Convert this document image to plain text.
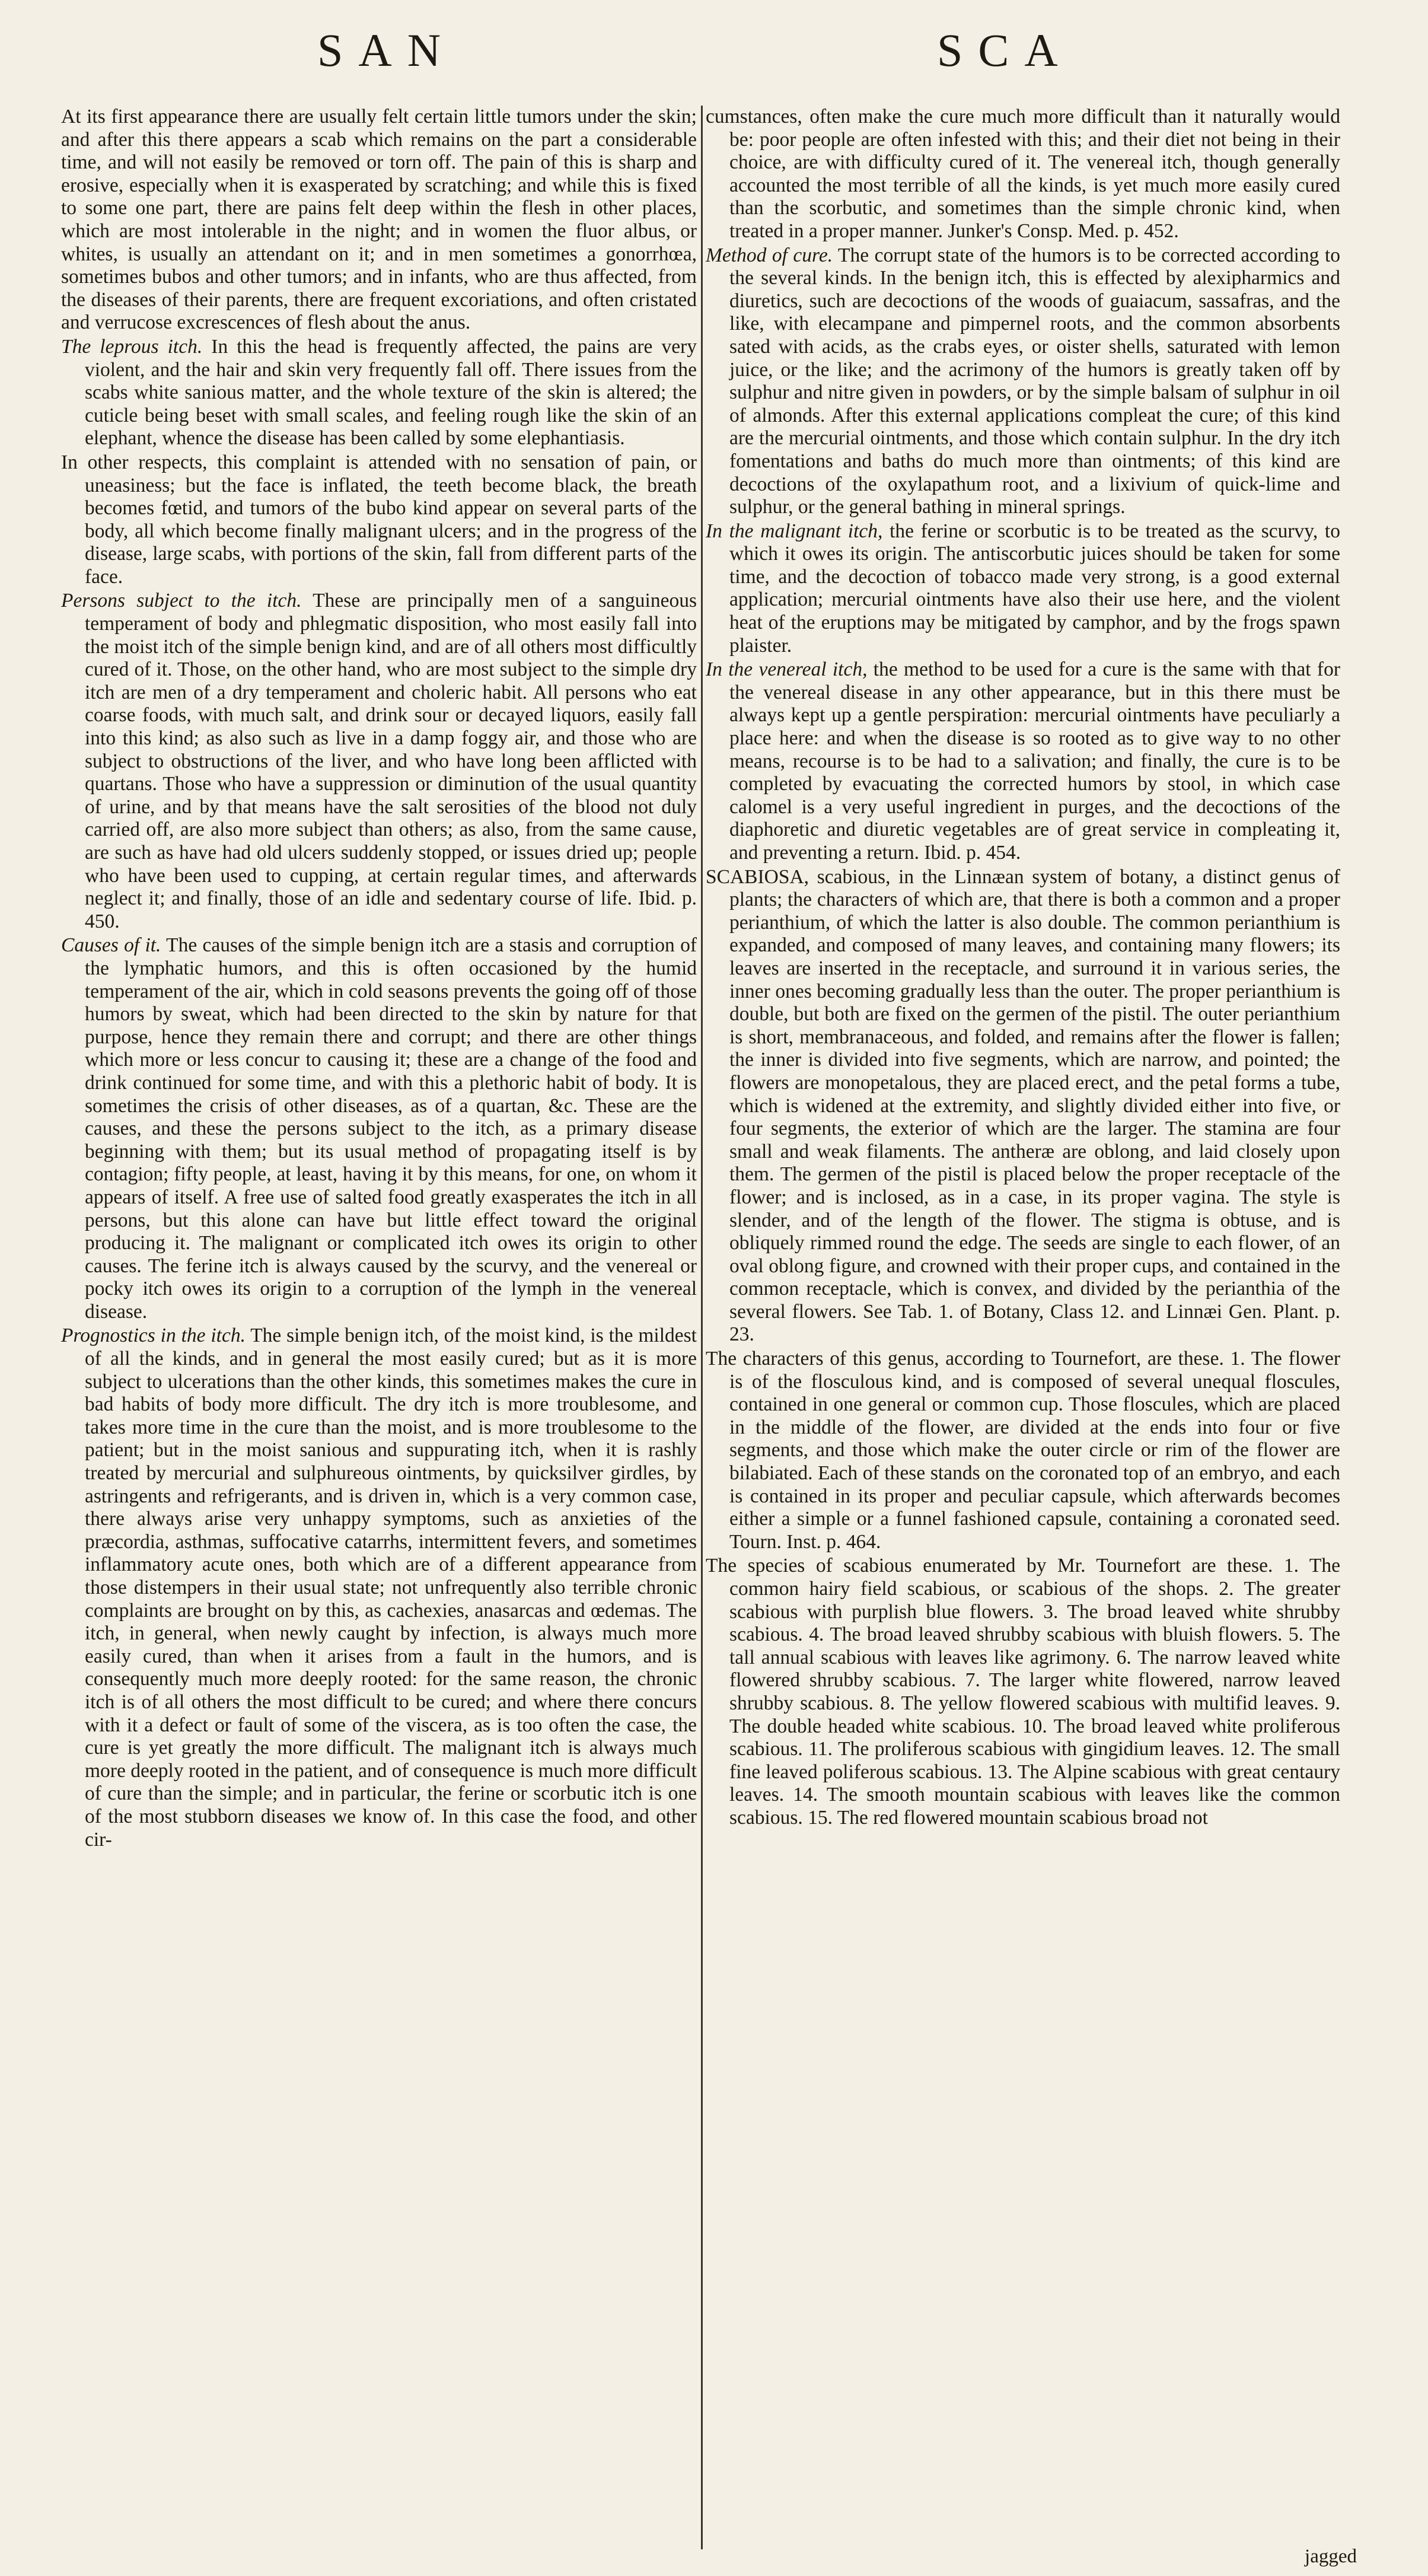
SAN	SCA

At its first appearance there are usually felt certain little tumors under the skin; and after this there appears a scab which remains on the part a considerable time, and will not easily be removed or torn off. The pain of this is sharp and erosive, especially when it is exasperated by scratching; and while this is fixed to some one part, there are pains felt deep within the flesh in other places, which are most intolerable in the night; and in women the fluor albus, or whites, is usually an attendant on it; and in men sometimes a gonorrhœa, sometimes bubos and other tumors; and in infants, who are thus affected, from the diseases of their parents, there are frequent excoriations, and often cristated and verrucose excrescences of flesh about the anus.

The leprous itch. In this the head is frequently affected, the pains are very violent, and the hair and skin very frequently fall off. There issues from the scabs white sanious matter, and the whole texture of the skin is altered; the cuticle being beset with small scales, and feeling rough like the skin of an elephant, whence the disease has been called by some elephantiasis.

In other respects, this complaint is attended with no sensation of pain, or uneasiness; but the face is inflated, the teeth become black, the breath becomes fœtid, and tumors of the bubo kind appear on several parts of the body, all which become finally malignant ulcers; and in the progress of the disease, large scabs, with portions of the skin, fall from different parts of the face.

Persons subject to the itch. These are principally men of a sanguineous temperament of body and phlegmatic disposition, who most easily fall into the moist itch of the simple benign kind, and are of all others most difficultly cured of it. Those, on the other hand, who are most subject to the simple dry itch are men of a dry temperament and choleric habit. All persons who eat coarse foods, with much salt, and drink sour or decayed liquors, easily fall into this kind; as also such as live in a damp foggy air, and those who are subject to obstructions of the liver, and who have long been afflicted with quartans. Those who have a suppression or diminution of the usual quantity of urine, and by that means have the salt serosities of the blood not duly carried off, are also more subject than others; as also, from the same cause, are such as have had old ulcers suddenly stopped, or issues dried up; people who have been used to cupping, at certain regular times, and afterwards neglect it; and finally, those of an idle and sedentary course of life. Ibid. p. 450.

Causes of it. The causes of the simple benign itch are a stasis and corruption of the lymphatic humors, and this is often occasioned by the humid temperament of the air, which in cold seasons prevents the going off of those humors by sweat, which had been directed to the skin by nature for that purpose, hence they remain there and corrupt; and there are other things which more or less concur to causing it; these are a change of the food and drink continued for some time, and with this a plethoric habit of body. It is sometimes the crisis of other diseases, as of a quartan, &c. These are the causes, and these the persons subject to the itch, as a primary disease beginning with them; but its usual method of propagating itself is by contagion; fifty people, at least, having it by this means, for one, on whom it appears of itself. A free use of salted food greatly exasperates the itch in all persons, but this alone can have but little effect toward the original producing it. The malignant or complicated itch owes its origin to other causes. The ferine itch is always caused by the scurvy, and the venereal or pocky itch owes its origin to a corruption of the lymph in the venereal disease.

Prognostics in the itch. The simple benign itch, of the moist kind, is the mildest of all the kinds, and in general the most easily cured; but as it is more subject to ulcerations than the other kinds, this sometimes makes the cure in bad habits of body more difficult. The dry itch is more troublesome, and takes more time in the cure than the moist, and is more troublesome to the patient; but in the moist sanious and suppurating itch, when it is rashly treated by mercurial and sulphureous ointments, by quicksilver girdles, by astringents and refrigerants, and is driven in, which is a very common case, there always arise very unhappy symptoms, such as anxieties of the præcordia, asthmas, suffocative catarrhs, intermittent fevers, and sometimes inflammatory acute ones, both which are of a different appearance from those distempers in their usual state; not unfrequently also terrible chronic complaints are brought on by this, as cachexies, anasarcas and œdemas. The itch, in general, when newly caught by infection, is always much more easily cured, than when it arises from a fault in the humors, and is consequently much more deeply rooted: for the same reason, the chronic itch is of all others the most difficult to be cured; and where there concurs with it a defect or fault of some of the viscera, as is too often the case, the cure is yet greatly the more difficult. The malignant itch is always much more deeply rooted in the patient, and of consequence is much more difficult of cure than the simple; and in particular, the ferine or scorbutic itch is one of the most stubborn diseases we know of. In this case the food, and other cir-

cumstances, often make the cure much more difficult than it naturally would be: poor people are often infested with this; and their diet not being in their choice, are with difficulty cured of it. The venereal itch, though generally accounted the most terrible of all the kinds, is yet much more easily cured than the scorbutic, and sometimes than the simple chronic kind, when treated in a proper manner. Junker's Consp. Med. p. 452.

Method of cure. The corrupt state of the humors is to be corrected according to the several kinds. In the benign itch, this is effected by alexipharmics and diuretics, such are decoctions of the woods of guaiacum, sassafras, and the like, with elecampane and pimpernel roots, and the common absorbents sated with acids, as the crabs eyes, or oister shells, saturated with lemon juice, or the like; and the acrimony of the humors is greatly taken off by sulphur and nitre given in powders, or by the simple balsam of sulphur in oil of almonds. After this external applications compleat the cure; of this kind are the mercurial ointments, and those which contain sulphur. In the dry itch fomentations and baths do much more than ointments; of this kind are decoctions of the oxylapathum root, and a lixivium of quick-lime and sulphur, or the general bathing in mineral springs.

In the malignant itch, the ferine or scorbutic is to be treated as the scurvy, to which it owes its origin. The antiscorbutic juices should be taken for some time, and the decoction of tobacco made very strong, is a good external application; mercurial ointments have also their use here, and the violent heat of the eruptions may be mitigated by camphor, and by the frogs spawn plaister.

In the venereal itch, the method to be used for a cure is the same with that for the venereal disease in any other appearance, but in this there must be always kept up a gentle perspiration: mercurial ointments have peculiarly a place here: and when the disease is so rooted as to give way to no other means, recourse is to be had to a salivation; and finally, the cure is to be completed by evacuating the corrected humors by stool, in which case calomel is a very useful ingredient in purges, and the decoctions of the diaphoretic and diuretic vegetables are of great service in compleating it, and preventing a return. Ibid. p. 454.

SCABIOSA, scabious, in the Linnæan system of botany, a distinct genus of plants; the characters of which are, that there is both a common and a proper perianthium, of which the latter is also double. The common perianthium is expanded, and composed of many leaves, and containing many flowers; its leaves are inserted in the receptacle, and surround it in various series, the inner ones becoming gradually less than the outer. The proper perianthium is double, but both are fixed on the germen of the pistil. The outer perianthium is short, membranaceous, and folded, and remains after the flower is fallen; the inner is divided into five segments, which are narrow, and pointed; the flowers are monopetalous, they are placed erect, and the petal forms a tube, which is widened at the extremity, and slightly divided either into five, or four segments, the exterior of which are the larger. The stamina are four small and weak filaments. The antheræ are oblong, and laid closely upon them. The germen of the pistil is placed below the proper receptacle of the flower; and is inclosed, as in a case, in its proper vagina. The style is slender, and of the length of the flower. The stigma is obtuse, and is obliquely rimmed round the edge. The seeds are single to each flower, of an oval oblong figure, and crowned with their proper cups, and contained in the common receptacle, which is convex, and divided by the perianthia of the several flowers. See Tab. 1. of Botany, Class 12. and Linnæi Gen. Plant. p. 23.

The characters of this genus, according to Tournefort, are these. 1. The flower is of the flosculous kind, and is composed of several unequal floscules, contained in one general or common cup. Those floscules, which are placed in the middle of the flower, are divided at the ends into four or five segments, and those which make the outer circle or rim of the flower are bilabiated. Each of these stands on the coronated top of an embryo, and each is contained in its proper and peculiar capsule, which afterwards becomes either a simple or a funnel fashioned capsule, containing a coronated seed. Tourn. Inst. p. 464.

The species of scabious enumerated by Mr. Tournefort are these. 1. The common hairy field scabious, or scabious of the shops. 2. The greater scabious with purplish blue flowers. 3. The broad leaved white shrubby scabious. 4. The broad leaved shrubby scabious with bluish flowers. 5. The tall annual scabious with leaves like agrimony. 6. The narrow leaved white flowered shrubby scabious. 7. The larger white flowered, narrow leaved shrubby scabious. 8. The yellow flowered scabious with multifid leaves. 9. The double headed white scabious. 10. The broad leaved white proliferous scabious. 11. The proliferous scabious with gingidium leaves. 12. The small fine leaved poliferous scabious. 13. The Alpine scabious with great centaury leaves. 14. The smooth mountain scabious with leaves like the common scabious. 15. The red flowered mountain scabious broad not

jagged
